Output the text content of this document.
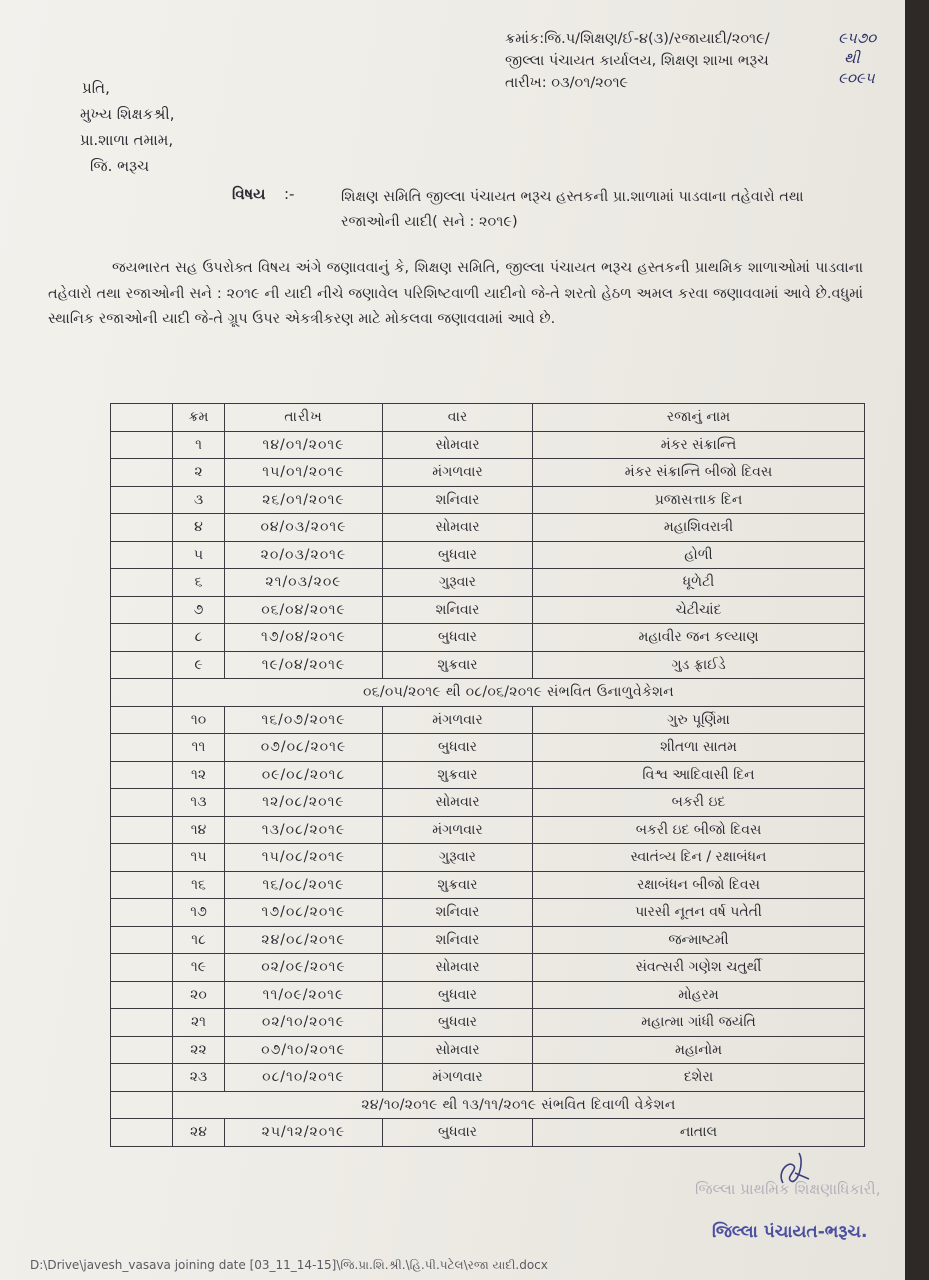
ક્રમાંક:જિ.પ/શિક્ષણ/ઈ-૪(૩)/રજાયાદી/૨૦૧૯/
જીલ્લા પંચાયત કાર્યાલય, શિક્ષણ શાખા ભરૂચ
તારીખ: ૦૩/૦૧/૨૦૧૯
૯૫૭૦
થી
૯૦૯૫
પ્રતિ,
મુખ્ય શિક્ષકશ્રી,
પ્રા.શાળા તમામ,
જિ. ભરૂચ
વિષય :-	શિક્ષણ સમિતિ જીલ્લા પંચાયત ભરૂચ હસ્તકની પ્રા.શાળામાં પાડવાના તહેવારો તથા રજાઓની યાદી( સને : ૨૦૧૯)
જયભારત સહ ઉપરોક્ત વિષય અંગે જણાવવાનું કે, શિક્ષણ સમિતિ, જીલ્લા પંચાયત ભરૂચ હસ્તકની પ્રાથમિક શાળાઓમાં પાડવાના તહેવારો તથા રજાઓની સને : ૨૦૧૯ ની યાદી નીચે જણાવેલ પરિશિષ્ટવાળી યાદીનો જે-તે શરતો હેઠળ અમલ કરવા જણાવવામાં આવે છે.વધુમાં સ્થાનિક રજાઓની યાદી જે-તે ગ્રૂપ ઉપર એકત્રીકરણ માટે મોકલવા જણાવવામાં આવે છે.
	ક્રમ	તારીખ	વાર	રજાનું નામ
	૧	૧૪/૦૧/૨૦૧૯	સોમવાર	મંકર સંક્રાન્તિ
	૨	૧૫/૦૧/૨૦૧૯	મંગળવાર	મંકર સંક્રાન્તિ બીજો દિવસ
	૩	૨૬/૦૧/૨૦૧૯	શનિવાર	પ્રજાસત્તાક દિન
	૪	૦૪/૦૩/૨૦૧૯	સોમવાર	મહાશિવરાત્રી
	૫	૨૦/૦૩/૨૦૧૯	બુધવાર	હોળી
	૬	૨૧/૦૩/૨૦૯	ગુરૂવાર	ધૂળેટી
	૭	૦૬/૦૪/૨૦૧૯	શનિવાર	ચેટીચાંદ
	૮	૧૭/૦૪/૨૦૧૯	બુધવાર	મહાવીર જન કલ્યાણ
	૯	૧૯/૦૪/૨૦૧૯	શુક્રવાર	ગુડ ફ્રાઈડે
	૦૬/૦૫/૨૦૧૯ થી ૦૮/૦૬/૨૦૧૯ સંભવિત ઉનાળુવેકેશન			
	૧૦	૧૬/૦૭/૨૦૧૯	મંગળવાર	ગુરુ પૂર્ણિમા
	૧૧	૦૭/૦૮/૨૦૧૯	બુધવાર	શીતળા સાતમ
	૧૨	૦૯/૦૮/૨૦૧૮	શુક્રવાર	વિશ્વ આદિવાસી દિન
	૧૩	૧૨/૦૮/૨૦૧૯	સોમવાર	બકરી ઇદ
	૧૪	૧૩/૦૮/૨૦૧૯	મંગળવાર	બકરી ઇદ બીજો દિવસ
	૧૫	૧૫/૦૮/૨૦૧૯	ગુરૂવાર	સ્વાતંત્ર્ય દિન / રક્ષાબંધન
	૧૬	૧૬/૦૮/૨૦૧૯	શુક્રવાર	રક્ષાબંધન બીજો દિવસ
	૧૭	૧૭/૦૮/૨૦૧૯	શનિવાર	પારસી નૂતન વર્ષ પતેતી
	૧૮	૨૪/૦૮/૨૦૧૯	શનિવાર	જન્માષ્ટમી
	૧૯	૦૨/૦૯/૨૦૧૯	સોમવાર	સંવત્સરી ગણેશ ચતુર્થી
	૨૦	૧૧/૦૯/૨૦૧૯	બુધવાર	મોહરમ
	૨૧	૦૨/૧૦/૨૦૧૯	બુધવાર	મહાત્મા ગાંધી જયંતિ
	૨૨	૦૭/૧૦/૨૦૧૯	સોમવાર	મહાનોમ
	૨૩	૦૮/૧૦/૨૦૧૯	મંગળવાર	દશેરા
	૨૪/૧૦/૨૦૧૯ થી ૧૩/૧૧/૨૦૧૯ સંભવિત દિવાળી વેકેશન			
	૨૪	૨૫/૧૨/૨૦૧૯	બુધવાર	નાતાલ
જિલ્લા પ્રાથમિક શિક્ષણાધિકારી,
જિલ્લા પંચાયત-ભરૂચ.
D:\Drive\javesh_vasava joining date [03_11_14-15]\જિ.પ્રા.શિ.શ્રી.\હિ.પી.પટેલ\રજા યાદી.docx
